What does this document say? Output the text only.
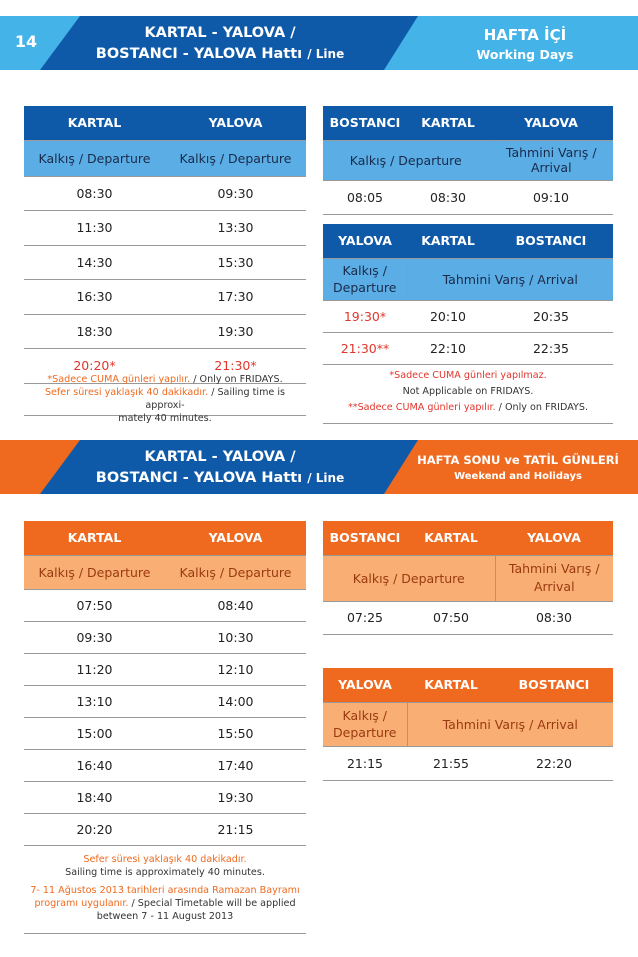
14	KARTAL - YALOVA /
BOSTANCI - YALOVA Hattı / Line
HAFTA İÇİ
Working Days
KARTAL	YALOVA
Kalkış / Departure	Kalkış / Departure
08:30	09:30
11:30	13:30
14:30	15:30
16:30	17:30
18:30	19:30
20:20*	21:30*
*Sadece CUMA günleri yapılır. / Only on FRIDAYS.
Sefer süresi yaklaşık 40 dakikadır. / Sailing time is approxi-
mately 40 minutes.
BOSTANCI	KARTAL	YALOVA
Kalkış / Departure		Tahmini Varış / Arrival
08:05	08:30	09:10
YALOVA	KARTAL	BOSTANCI
Kalkış / Departure	Tahmini Varış / Arrival	
19:30*	20:10	20:35
21:30**	22:10	22:35
*Sadece CUMA günleri yapılmaz.
Not Applicable on FRIDAYS.
**Sadece CUMA günleri yapılır. / Only on FRIDAYS.
KARTAL - YALOVA /
BOSTANCI - YALOVA Hattı / Line
HAFTA SONU ve TATİL GÜNLERİ
Weekend and Holidays
KARTAL	YALOVA
Kalkış / Departure	Kalkış / Departure
07:50	08:40
09:30	10:30
11:20	12:10
13:10	14:00
15:00	15:50
16:40	17:40
18:40	19:30
20:20	21:15
Sefer süresi yaklaşık 40 dakikadır.
Sailing time is approximately 40 minutes.
7- 11 Ağustos 2013 tarihleri arasında Ramazan Bayramı
programı uygulanır. / Special Timetable will be applied
between 7 - 11 August 2013
BOSTANCI	KARTAL	YALOVA
Kalkış / Departure		Tahmini Varış / Arrival
07:25	07:50	08:30
YALOVA	KARTAL	BOSTANCI
Kalkış / Departure	Tahmini Varış / Arrival	
21:15	21:55	22:20
